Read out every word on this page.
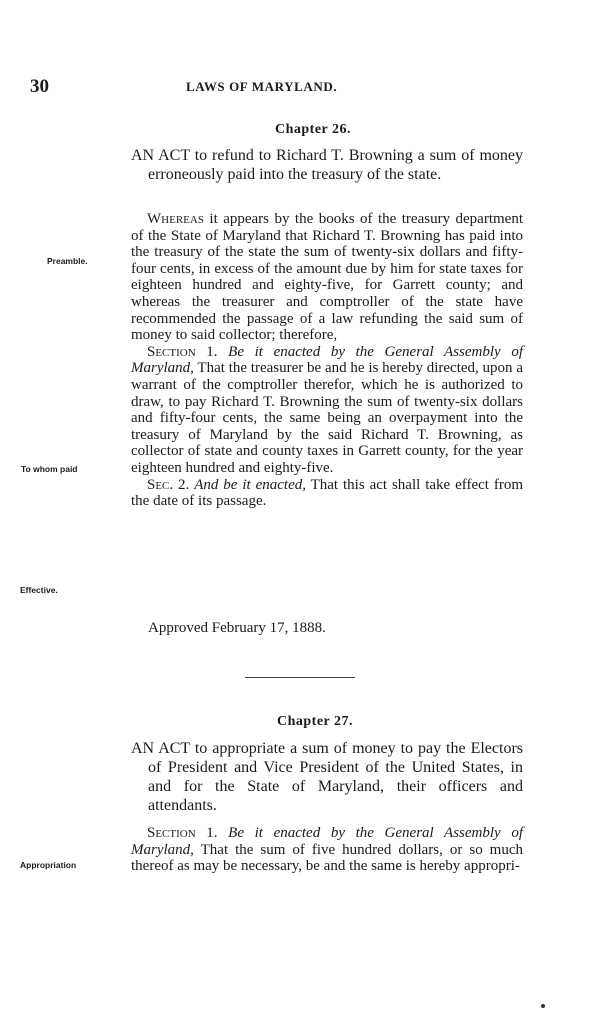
30	LAWS OF MARYLAND.
Chapter 26.

AN ACT to refund to Richard T. Browning a sum of money erroneously paid into the treasury of the state.

Whereas it appears by the books of the treasury department of the State of Maryland that Richard T. Browning has paid into the treasury of the state the sum of twenty-six dollars and fifty-four cents, in excess of the amount due by him for state taxes for eighteen hundred and eighty-five, for Garrett county; and whereas the treasurer and comptroller of the state have recommended the passage of a law refunding the said sum of money to said collector; therefore,

Section 1. Be it enacted by the General Assembly of Maryland, That the treasurer be and he is hereby directed, upon a warrant of the comptroller therefor, which he is authorized to draw, to pay Richard T. Browning the sum of twenty-six dollars and fifty-four cents, the same being an overpayment into the treasury of Maryland by the said Richard T. Browning, as collector of state and county taxes in Garrett county, for the year eighteen hundred and eighty-five.

Sec. 2. And be it enacted, That this act shall take effect from the date of its passage.

Approved February 17, 1888.
Preamble.
To whom paid
Effective.
Chapter 27.

AN ACT to appropriate a sum of money to pay the Electors of President and Vice President of the United States, in and for the State of Maryland, their officers and attendants.

Section 1. Be it enacted by the General Assembly of Maryland, That the sum of five hundred dollars, or so much thereof as may be necessary, be and the same is hereby appropri-

Appropriation
